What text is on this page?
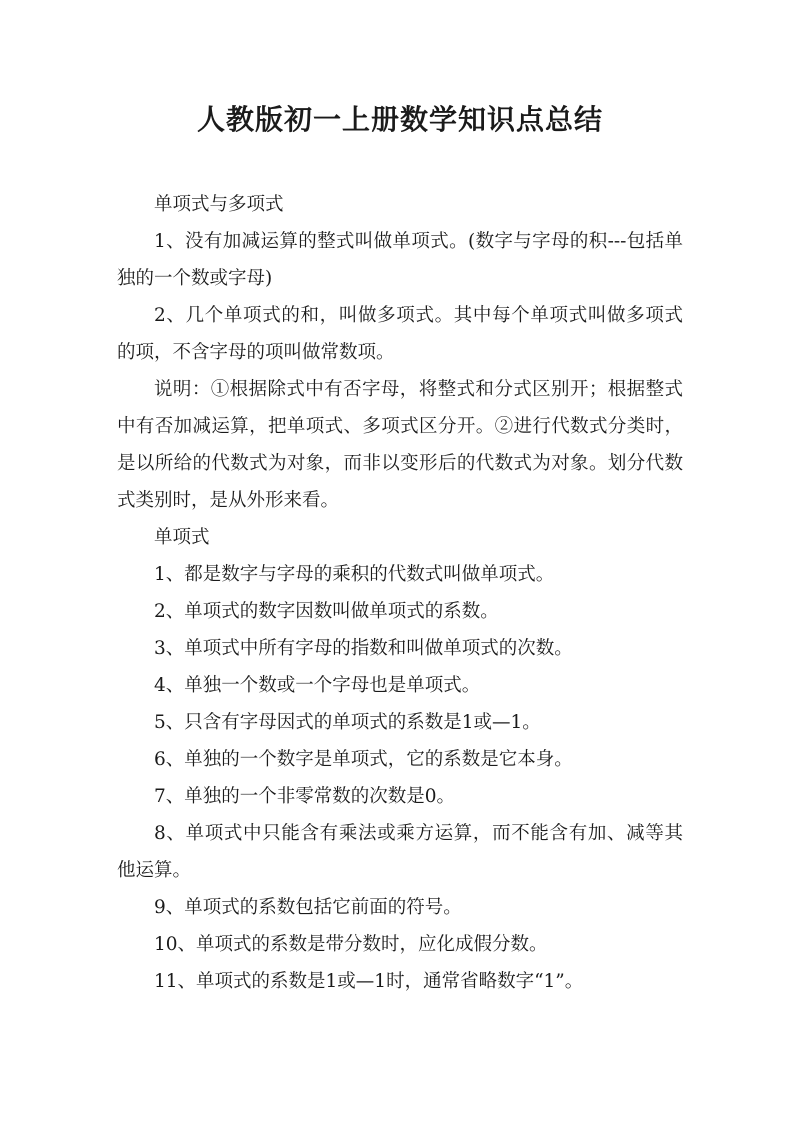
人教版初一上册数学知识点总结

单项式与多项式

1、没有加减运算的整式叫做单项式。(数字与字母的积---包括单独的一个数或字母)

2、几个单项式的和，叫做多项式。其中每个单项式叫做多项式的项，不含字母的项叫做常数项。

说明：①根据除式中有否字母，将整式和分式区别开；根据整式中有否加减运算，把单项式、多项式区分开。②进行代数式分类时，是以所给的代数式为对象，而非以变形后的代数式为对象。划分代数式类别时，是从外形来看。

单项式

1、都是数字与字母的乘积的代数式叫做单项式。

2、单项式的数字因数叫做单项式的系数。

3、单项式中所有字母的指数和叫做单项式的次数。

4、单独一个数或一个字母也是单项式。

5、只含有字母因式的单项式的系数是1或—1。

6、单独的一个数字是单项式，它的系数是它本身。

7、单独的一个非零常数的次数是0。

8、单项式中只能含有乘法或乘方运算，而不能含有加、减等其他运算。

9、单项式的系数包括它前面的符号。

10、单项式的系数是带分数时，应化成假分数。

11、单项式的系数是1或—1时，通常省略数字“1”。
